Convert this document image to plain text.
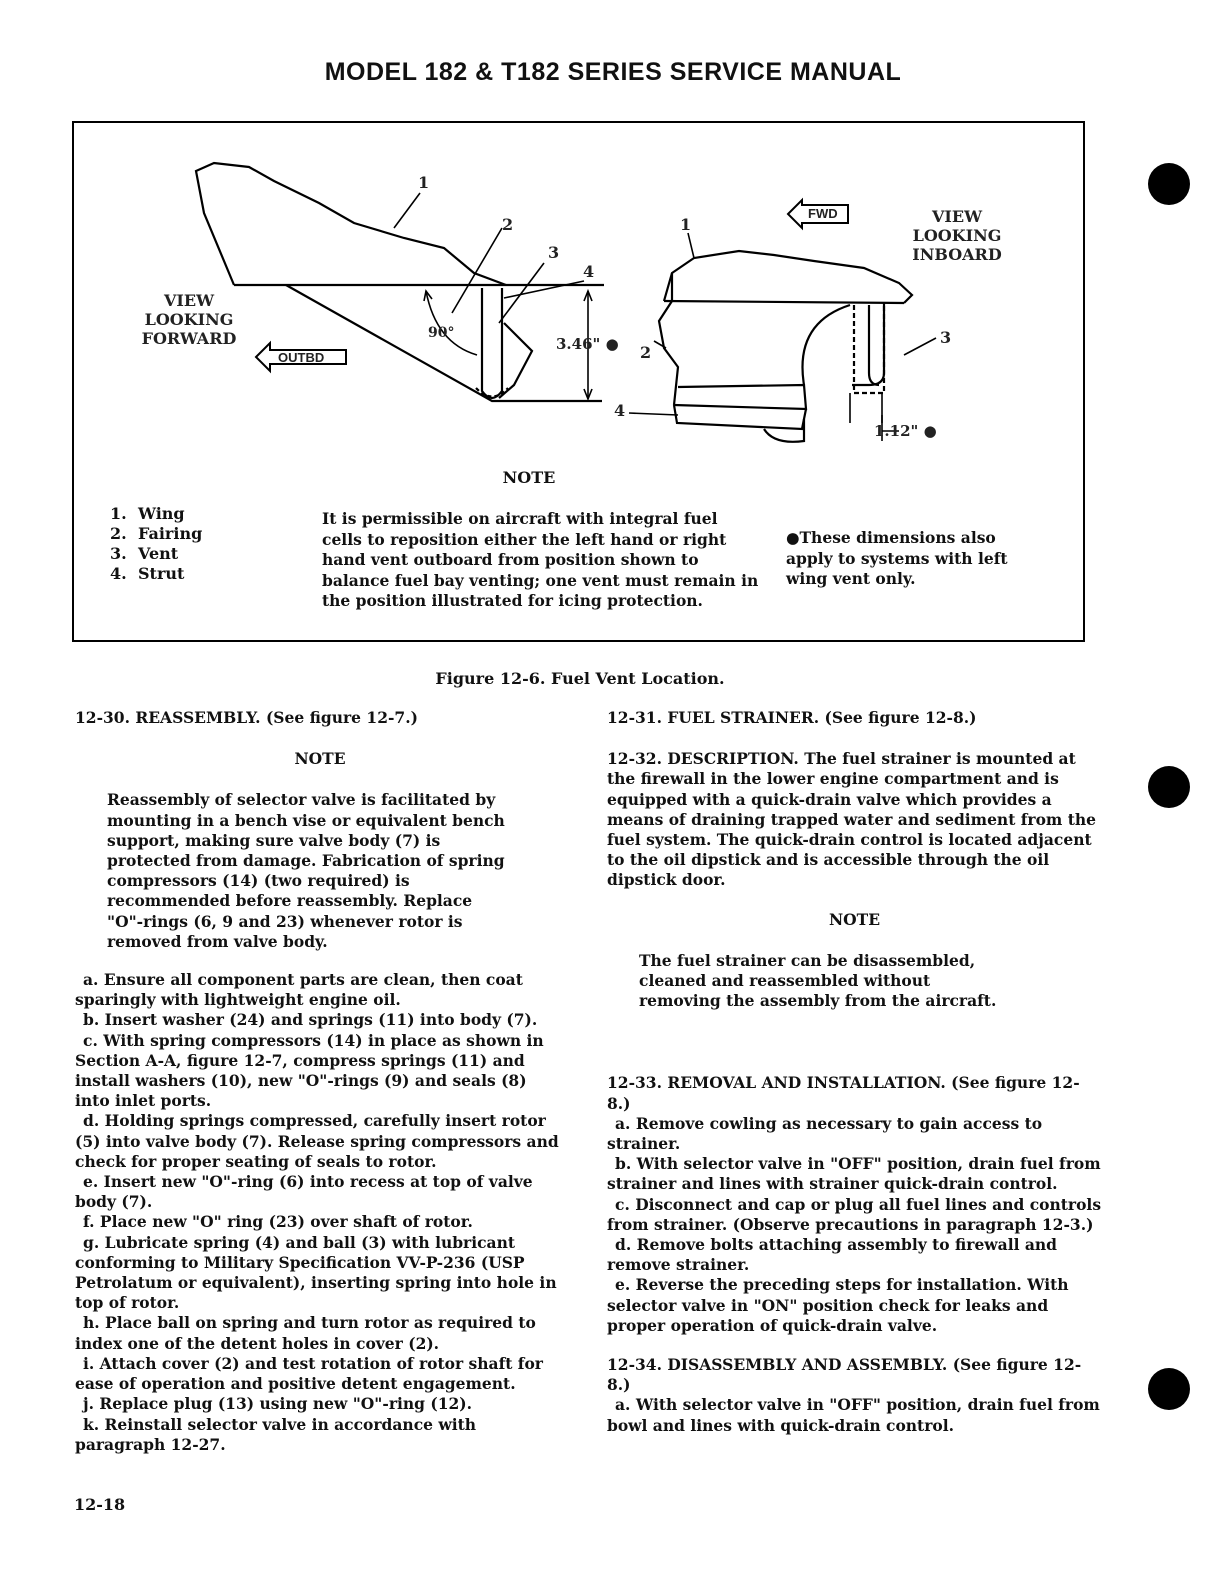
MODEL 182 & T182 SERIES SERVICE MANUAL
VIEW
LOOKING
FORWARD
OUTBD
90°
3.46" ●
1
2
3
4
VIEW
LOOKING
INBOARD
FWD
1.12" ●
1
2
3
4
NOTE
1. Wing
2. Fairing
3. Vent
4. Strut
It is permissible on aircraft with integral fuel cells to reposition either the left hand or right hand vent outboard from position shown to balance fuel bay venting; one vent must remain in the position illustrated for icing protection.
●These dimensions also apply to systems with left wing vent only.
Figure 12-6. Fuel Vent Location.

12-30. REASSEMBLY. (See figure 12-7.)

NOTE

Reassembly of selector valve is facilitated by mounting in a bench vise or equivalent bench support, making sure valve body (7) is protected from damage. Fabrication of spring compressors (14) (two required) is recommended before reassembly. Replace "O"-rings (6, 9 and 23) whenever rotor is removed from valve body.

a. Ensure all component parts are clean, then coat sparingly with lightweight engine oil.

b. Insert washer (24) and springs (11) into body (7).

c. With spring compressors (14) in place as shown in Section A-A, figure 12-7, compress springs (11) and install washers (10), new "O"-rings (9) and seals (8) into inlet ports.

d. Holding springs compressed, carefully insert rotor (5) into valve body (7). Release spring compressors and check for proper seating of seals to rotor.

e. Insert new "O"-ring (6) into recess at top of valve body (7).

f. Place new "O" ring (23) over shaft of rotor.

g. Lubricate spring (4) and ball (3) with lubricant conforming to Military Specification VV-P-236 (USP Petrolatum or equivalent), inserting spring into hole in top of rotor.

h. Place ball on spring and turn rotor as required to index one of the detent holes in cover (2).

i. Attach cover (2) and test rotation of rotor shaft for ease of operation and positive detent engagement.

j. Replace plug (13) using new "O"-ring (12).

k. Reinstall selector valve in accordance with paragraph 12-27.

12-31. FUEL STRAINER. (See figure 12-8.)

12-32. DESCRIPTION. The fuel strainer is mounted at the firewall in the lower engine compartment and is equipped with a quick-drain valve which provides a means of draining trapped water and sediment from the fuel system. The quick-drain control is located adjacent to the oil dipstick and is accessible through the oil dipstick door.

NOTE

The fuel strainer can be disassembled, cleaned and reassembled without removing the assembly from the aircraft.

12-33. REMOVAL AND INSTALLATION. (See figure 12-8.)

a. Remove cowling as necessary to gain access to strainer.

b. With selector valve in "OFF" position, drain fuel from strainer and lines with strainer quick-drain control.

c. Disconnect and cap or plug all fuel lines and controls from strainer. (Observe precautions in paragraph 12-3.)

d. Remove bolts attaching assembly to firewall and remove strainer.

e. Reverse the preceding steps for installation. With selector valve in "ON" position check for leaks and proper operation of quick-drain valve.

12-34. DISASSEMBLY AND ASSEMBLY. (See figure 12-8.)

a. With selector valve in "OFF" position, drain fuel from bowl and lines with quick-drain control.

12-18
